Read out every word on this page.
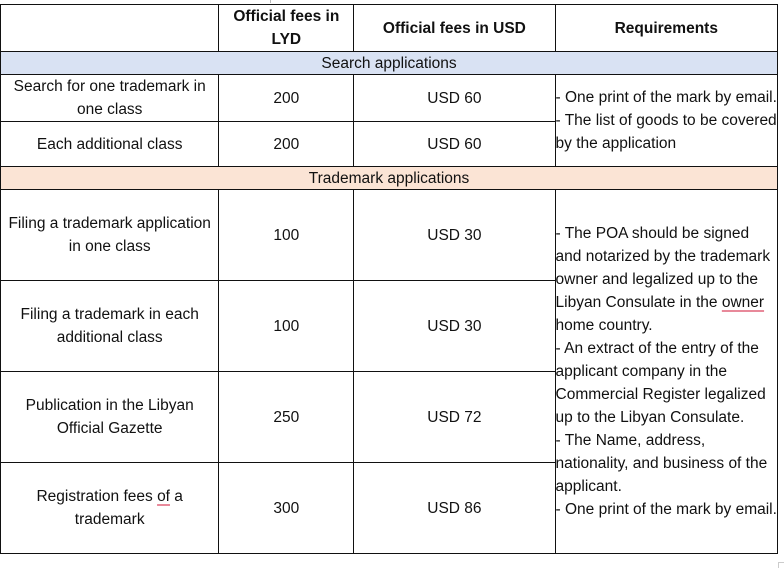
	Official fees in LYD	Official fees in USD	Requirements
Search applications			
Search for one trademark in one class	200	USD 60	- One print of the mark by email.
- The list of goods to be covered by the application

Each additional class	200	USD 60	
Trademark applications			
Filing a trademark application in one class	100	USD 30	- The POA should be signed and notarized by the trademark owner and legalized up to the Libyan Consulate in the owner home country.
- An extract of the entry of the applicant company in the Commercial Register legalized up to the Libyan Consulate.
- The Name, address, nationality, and business of the applicant.
- One print of the mark by email.

Filing a trademark in each additional class	100	USD 30	
Publication in the Libyan Official Gazette	250	USD 72	
Registration fees of a trademark	300	USD 86	
